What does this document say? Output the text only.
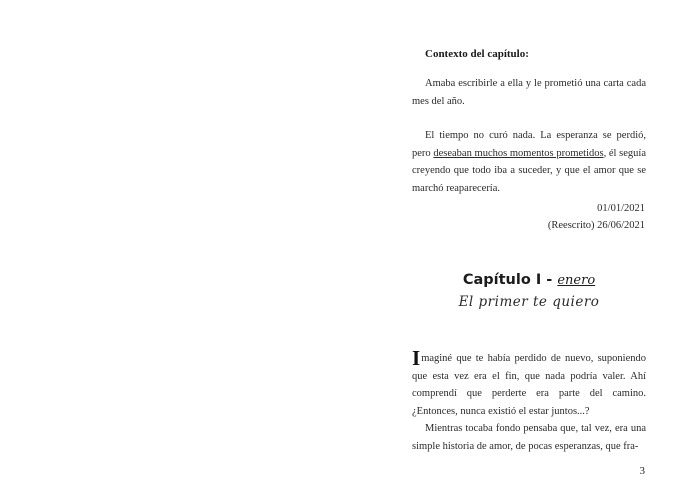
Contexto del capítulo:

Amaba escribirle a ella y le prometió una carta cada mes del año.

El tiempo no curó nada. La esperanza se perdió, pero deseaban muchos momentos prometidos, él seguía creyendo que todo iba a suceder, y que el amor que se marchó reaparecería.

01/01/2021
(Reescrito) 26/06/2021
Capítulo I - enero
El primer te quiero

Imaginé que te había perdido de nuevo, suponiendo que esta vez era el fin, que nada podría valer. Ahí comprendí que perderte era parte del camino. ¿Entonces, nunca existió el estar juntos...?

Mientras tocaba fondo pensaba que, tal vez, era una simple historia de amor, de pocas esperanzas, que fra-

3
